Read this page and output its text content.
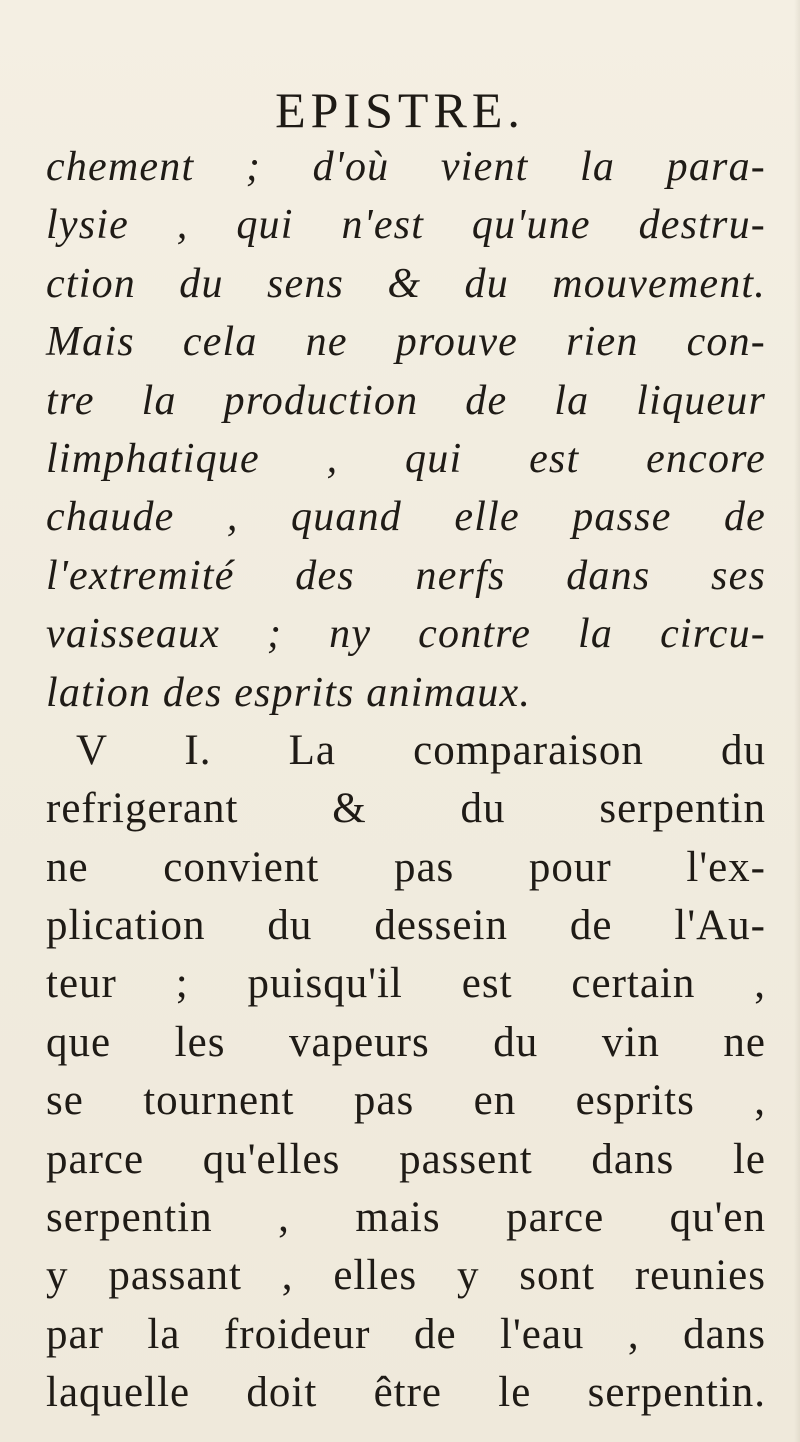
EPISTRE.
chement ; d'où vient la para-
lysie , qui n'est qu'une destru-
ction du sens & du mouvement.
Mais cela ne prouve rien con-
tre la production de la liqueur
limphatique , qui est encore
chaude , quand elle passe de
l'extremité des nerfs dans ses
vaisseaux ; ny contre la circu-
lation des esprits animaux.
V I. La comparaison du
refrigerant & du serpentin
ne convient pas pour l'ex-
plication du dessein de l'Au-
teur ; puisqu'il est certain ,
que les vapeurs du vin ne
se tournent pas en esprits ,
parce qu'elles passent dans le
serpentin , mais parce qu'en
y passant , elles y sont reunies
par la froideur de l'eau , dans
laquelle doit être le serpentin.
